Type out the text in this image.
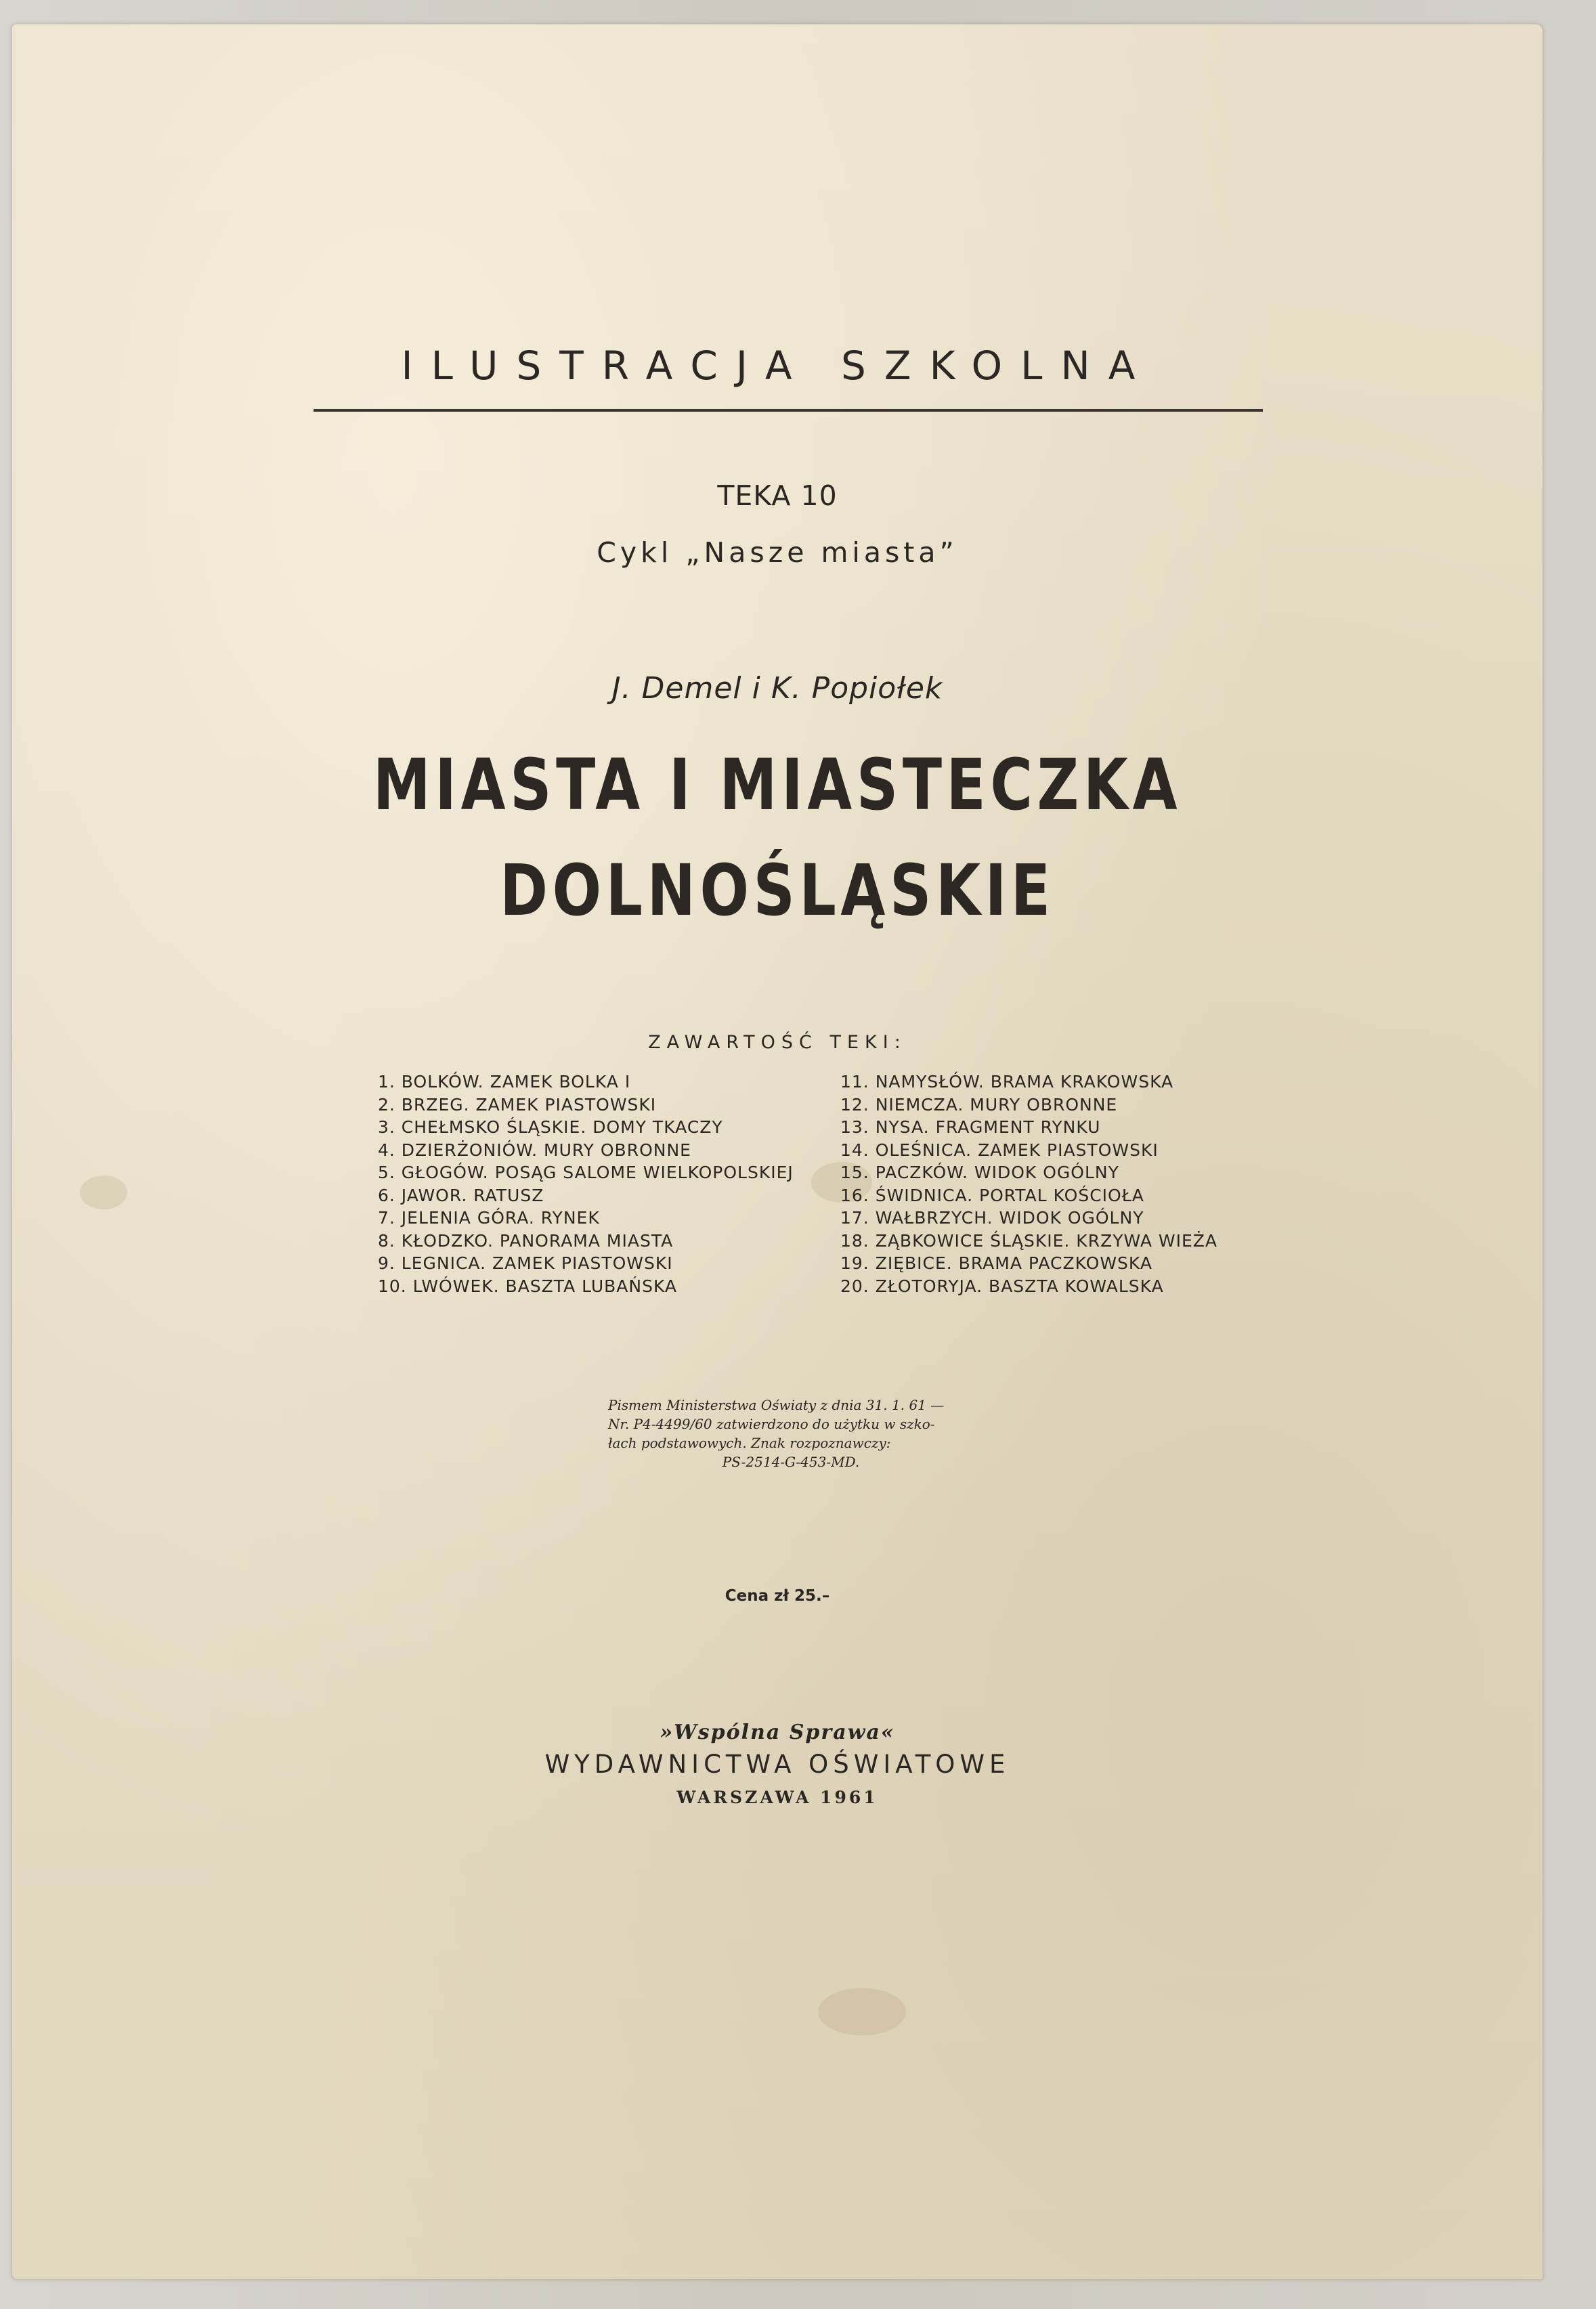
ILUSTRACJA SZKOLNA
TEKA 10
Cykl „Nasze miasta”
J. Demel i K. Popiołek
MIASTA I MIASTECZKA
DOLNOŚLĄSKIE
ZAWARTOŚĆ TEKI:
1. BOLKÓW. ZAMEK BOLKA I
2. BRZEG. ZAMEK PIASTOWSKI
3. CHEŁMSKO ŚLĄSKIE. DOMY TKACZY
4. DZIERŻONIÓW. MURY OBRONNE
5. GŁOGÓW. POSĄG SALOME WIELKOPOLSKIEJ
6. JAWOR. RATUSZ
7. JELENIA GÓRA. RYNEK
8. KŁODZKO. PANORAMA MIASTA
9. LEGNICA. ZAMEK PIASTOWSKI
10. LWÓWEK. BASZTA LUBAŃSKA
11. NAMYSŁÓW. BRAMA KRAKOWSKA
12. NIEMCZA. MURY OBRONNE
13. NYSA. FRAGMENT RYNKU
14. OLEŚNICA. ZAMEK PIASTOWSKI
15. PACZKÓW. WIDOK OGÓLNY
16. ŚWIDNICA. PORTAL KOŚCIOŁA
17. WAŁBRZYCH. WIDOK OGÓLNY
18. ZĄBKOWICE ŚLĄSKIE. KRZYWA WIEŻA
19. ZIĘBICE. BRAMA PACZKOWSKA
20. ZŁOTORYJA. BASZTA KOWALSKA
Pismem Ministerstwa Oświaty z dnia 31. 1. 61 —
Nr. P4-4499/60 zatwierdzono do użytku w szko-
łach podstawowych. Znak rozpoznawczy:
PS-2514-G-453-MD.
Cena zł 25.–
»Wspólna Sprawa«
WYDAWNICTWA OŚWIATOWE
WARSZAWA 1961
